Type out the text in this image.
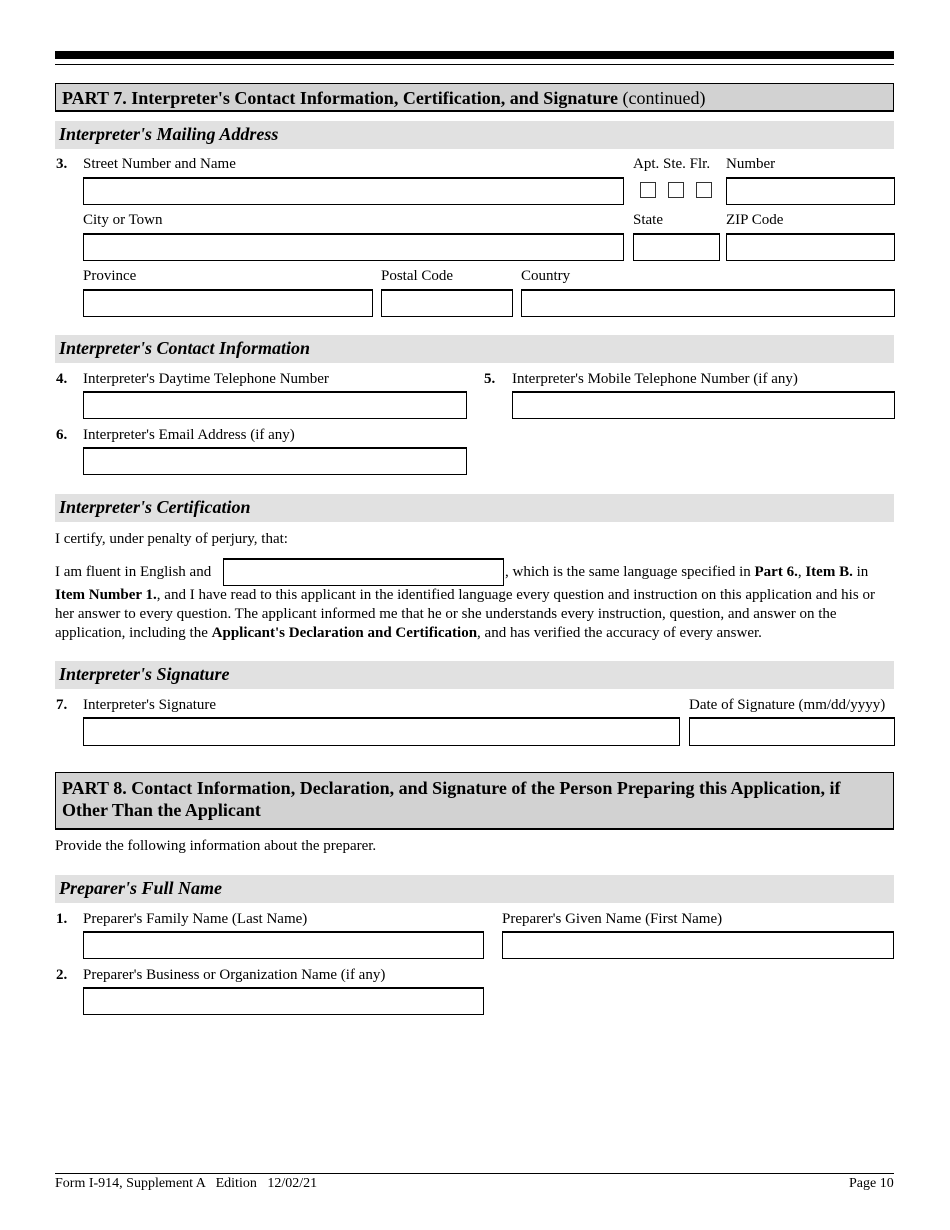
PART 7. Interpreter's Contact Information, Certification, and Signature (continued)
Interpreter's Mailing Address
3. Street Number and Name	Apt. Ste. Flr. Number
City or Town	State	ZIP Code
Province	Postal Code	Country
Interpreter's Contact Information
4. Interpreter's Daytime Telephone Number	5. Interpreter's Mobile Telephone Number (if any)
6. Interpreter's Email Address (if any)
Interpreter's Certification
I certify, under penalty of perjury, that:
I am fluent in English and	, which is the same language specified in Part 6., Item B. in
Item Number 1., and I have read to this applicant in the identified language every question and instruction on this application and his or her answer to every question. The applicant informed me that he or she understands every instruction, question, and answer on the application, including the Applicant's Declaration and Certification, and has verified the accuracy of every answer.
Interpreter's Signature
7. Interpreter's Signature	Date of Signature (mm/dd/yyyy)
PART 8. Contact Information, Declaration, and Signature of the Person Preparing this Application, if Other Than the Applicant
Provide the following information about the preparer.
Preparer's Full Name
1. Preparer's Family Name (Last Name)	Preparer's Given Name (First Name)
2. Preparer's Business or Organization Name (if any)
Form I-914, Supplement A   Edition   12/02/21	Page 10
